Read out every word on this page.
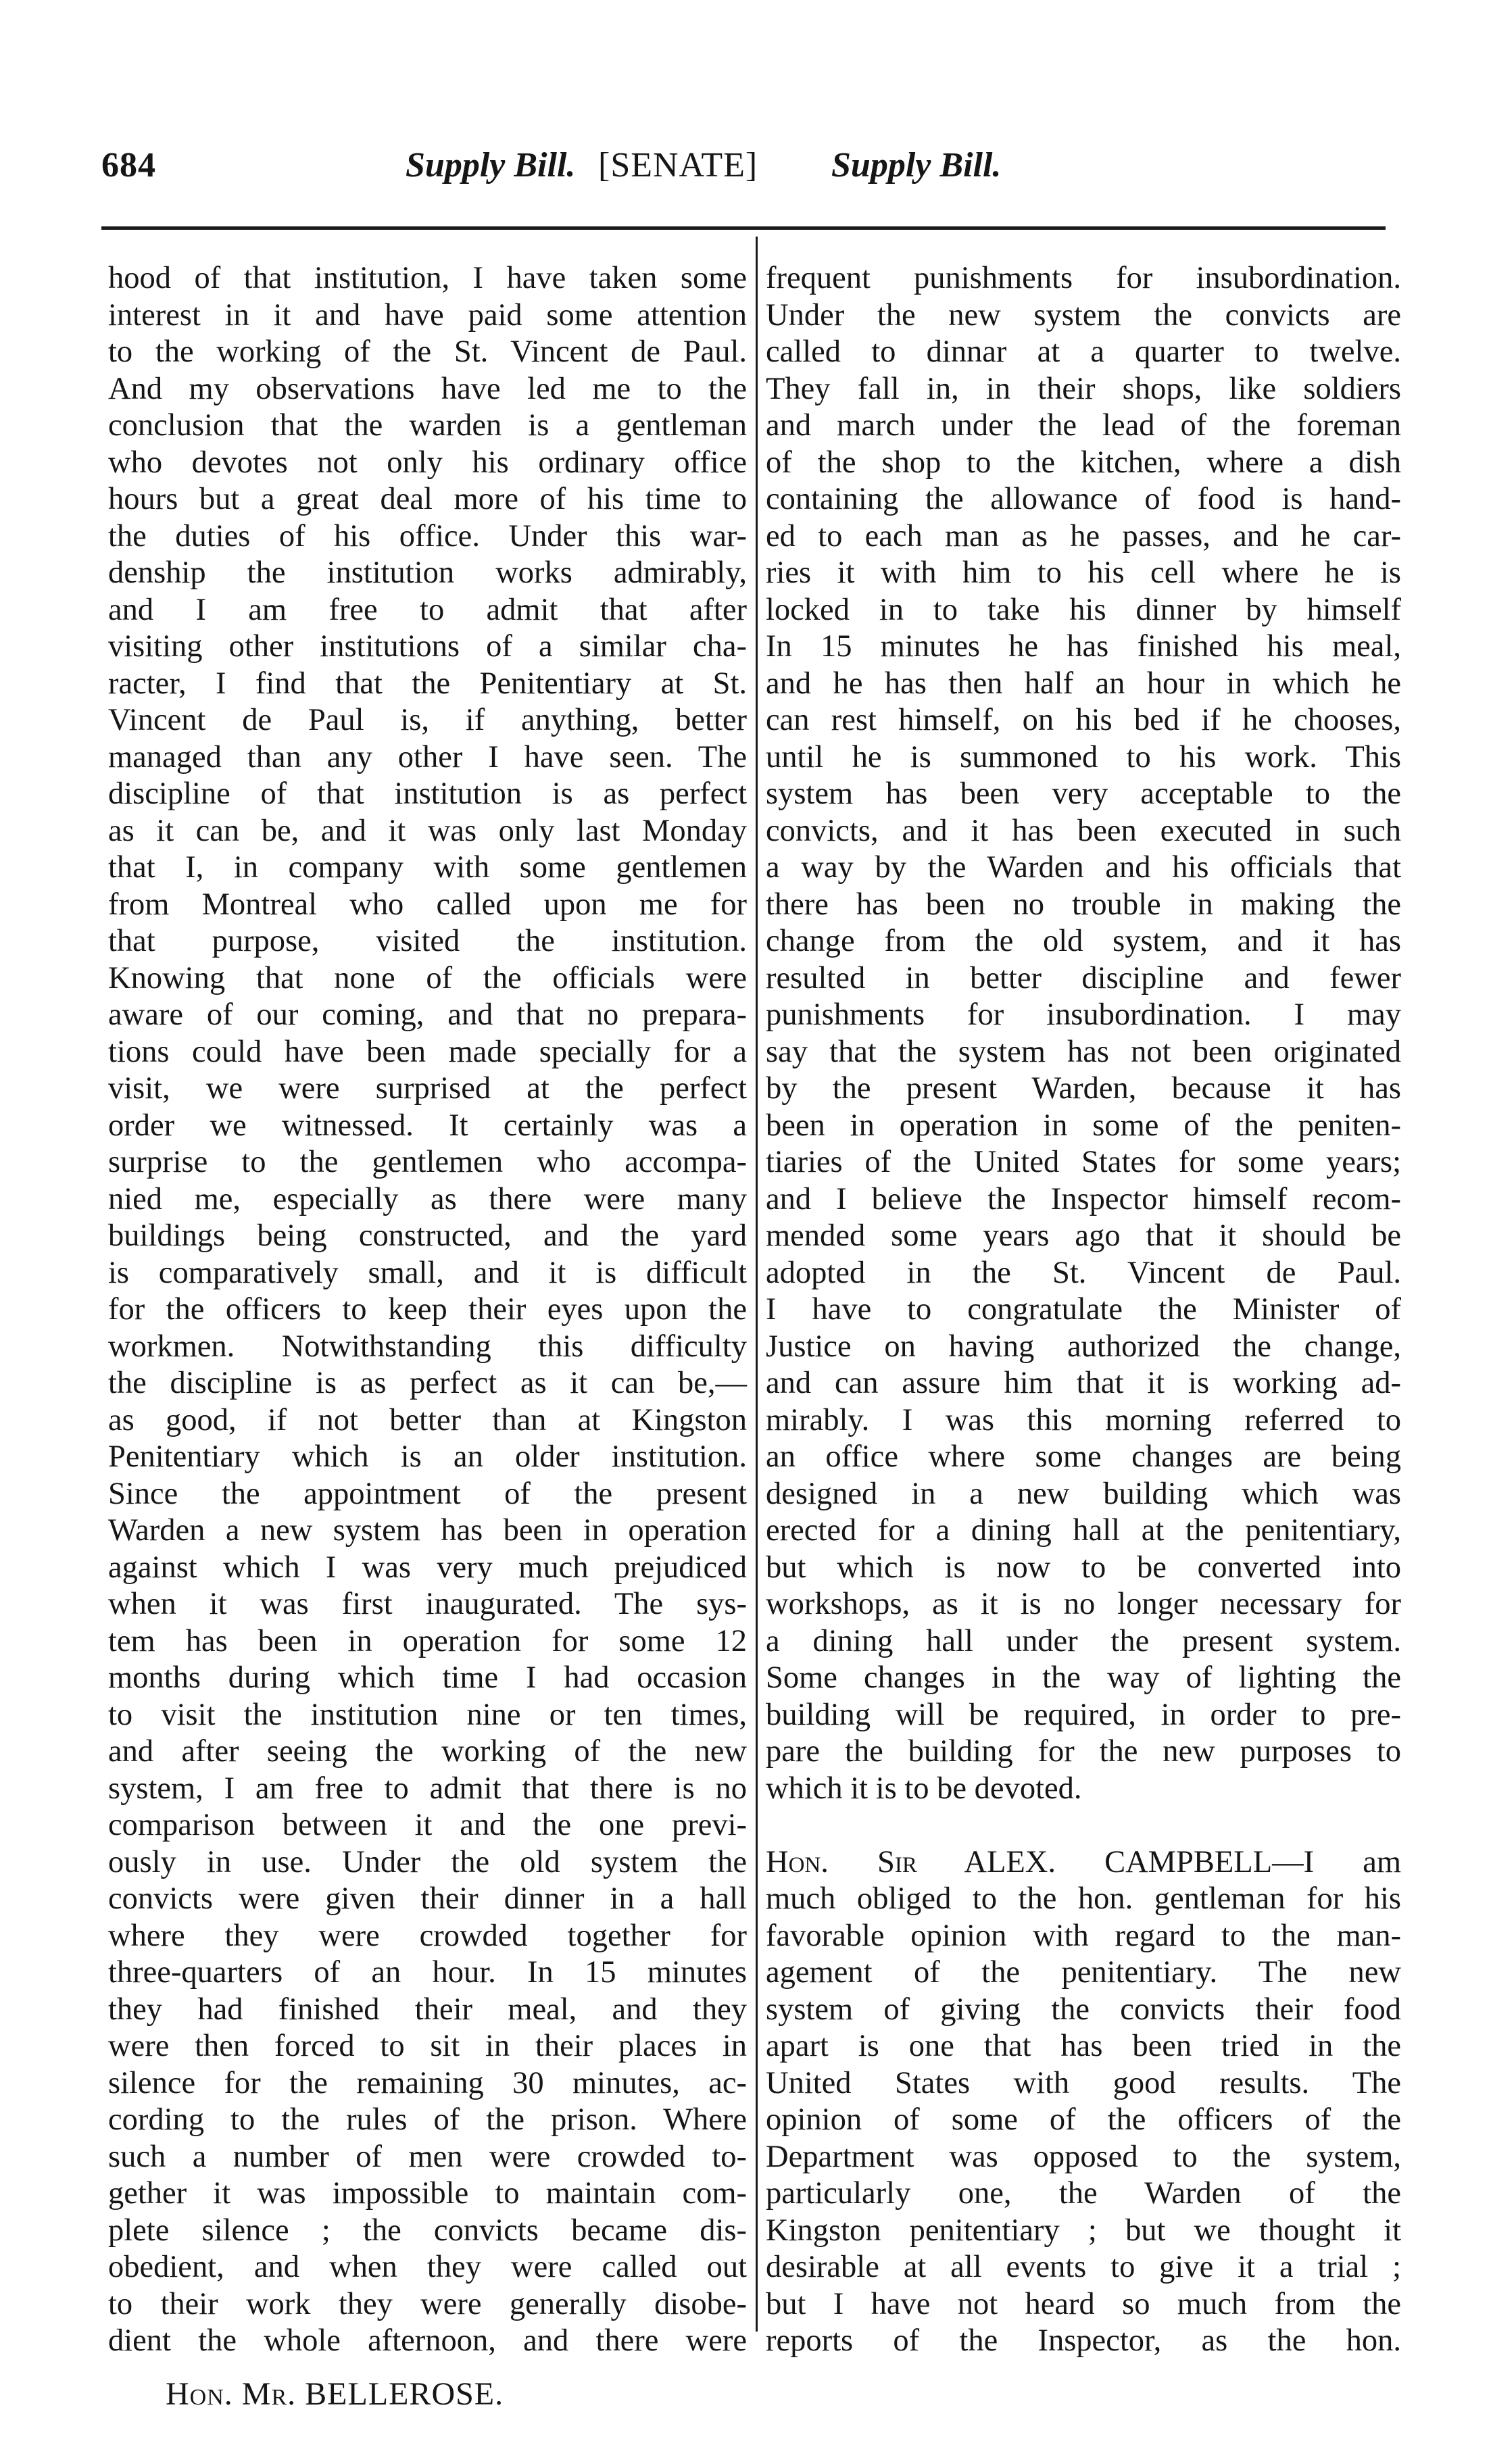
684	Supply Bill. [SENATE] Supply Bill.
hood of that institution, I have taken some
interest in it and have paid some attention
to the working of the St. Vincent de Paul.
And my observations have led me to the
conclusion that the warden is a gentleman
who devotes not only his ordinary office
hours but a great deal more of his time to
the duties of his office. Under this war-
denship the institution works admirably,
and I am free to admit that after
visiting other institutions of a similar cha-
racter, I find that the Penitentiary at St.
Vincent de Paul is, if anything, better
managed than any other I have seen. The
discipline of that institution is as perfect
as it can be, and it was only last Monday
that I, in company with some gentlemen
from Montreal who called upon me for
that purpose, visited the institution.
Knowing that none of the officials were
aware of our coming, and that no prepara-
tions could have been made specially for a
visit, we were surprised at the perfect
order we witnessed. It certainly was a
surprise to the gentlemen who accompa-
nied me, especially as there were many
buildings being constructed, and the yard
is comparatively small, and it is difficult
for the officers to keep their eyes upon the
workmen. Notwithstanding this difficulty
the discipline is as perfect as it can be,—
as good, if not better than at Kingston
Penitentiary which is an older institution.
Since the appointment of the present
Warden a new system has been in operation
against which I was very much prejudiced
when it was first inaugurated. The sys-
tem has been in operation for some 12
months during which time I had occasion
to visit the institution nine or ten times,
and after seeing the working of the new
system, I am free to admit that there is no
comparison between it and the one previ-
ously in use. Under the old system the
convicts were given their dinner in a hall
where they were crowded together for
three-quarters of an hour. In 15 minutes
they had finished their meal, and they
were then forced to sit in their places in
silence for the remaining 30 minutes, ac-
cording to the rules of the prison. Where
such a number of men were crowded to-
gether it was impossible to maintain com-
plete silence ; the convicts became dis-
obedient, and when they were called out
to their work they were generally disobe-
dient the whole afternoon, and there were
frequent punishments for insubordination.
Under the new system the convicts are
called to dinnar at a quarter to twelve.
They fall in, in their shops, like soldiers
and march under the lead of the foreman
of the shop to the kitchen, where a dish
containing the allowance of food is hand-
ed to each man as he passes, and he car-
ries it with him to his cell where he is
locked in to take his dinner by himself
In 15 minutes he has finished his meal,
and he has then half an hour in which he
can rest himself, on his bed if he chooses,
until he is summoned to his work. This
system has been very acceptable to the
convicts, and it has been executed in such
a way by the Warden and his officials that
there has been no trouble in making the
change from the old system, and it has
resulted in better discipline and fewer
punishments for insubordination. I may
say that the system has not been originated
by the present Warden, because it has
been in operation in some of the peniten-
tiaries of the United States for some years;
and I believe the Inspector himself recom-
mended some years ago that it should be
adopted in the St. Vincent de Paul.
I have to congratulate the Minister of
Justice on having authorized the change,
and can assure him that it is working ad-
mirably. I was this morning referred to
an office where some changes are being
designed in a new building which was
erected for a dining hall at the penitentiary,
but which is now to be converted into
workshops, as it is no longer necessary for
a dining hall under the present system.
Some changes in the way of lighting the
building will be required, in order to pre-
pare the building for the new purposes to
which it is to be devoted.
Hon. Sir ALEX. CAMPBELL—I am
much obliged to the hon. gentleman for his
favorable opinion with regard to the man-
agement of the penitentiary. The new
system of giving the convicts their food
apart is one that has been tried in the
United States with good results. The
opinion of some of the officers of the
Department was opposed to the system,
particularly one, the Warden of the
Kingston penitentiary ; but we thought it
desirable at all events to give it a trial ;
but I have not heard so much from the
reports of the Inspector, as the hon.
Hon. Mr. BELLEROSE.
